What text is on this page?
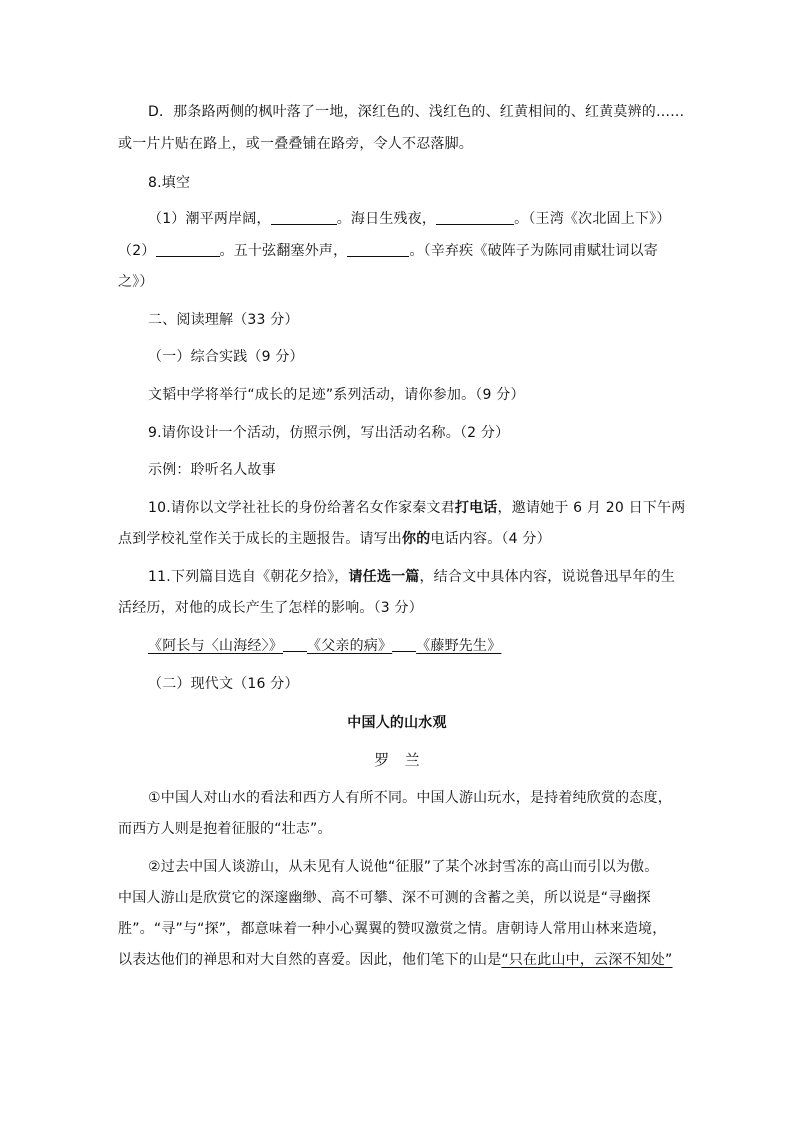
D．那条路两侧的枫叶落了一地，深红色的、浅红色的、红黄相间的、红黄莫辨的……
或一片片贴在路上，或一叠叠铺在路旁，令人不忍落脚。
8.填空
（1）潮平两岸阔，	。海日生残夜，	。（王湾《次北固上下》）
（2）	。五十弦翻塞外声，	。（辛弃疾《破阵子为陈同甫赋壮词以寄
之》）
二、阅读理解（33 分）
（一）综合实践（9 分）
文韬中学将举行“成长的足迹”系列活动，请你参加。（9 分）
9.请你设计一个活动，仿照示例，写出活动名称。（2 分）
示例：聆听名人故事
10.请你以文学社社长的身份给著名女作家秦文君打电话，邀请她于 6 月 20 日下午两
点到学校礼堂作关于成长的主题报告。请写出你的电话内容。（4 分）
11.下列篇目选自《朝花夕拾》，请任选一篇，结合文中具体内容，说说鲁迅早年的生
活经历，对他的成长产生了怎样的影响。（3 分）
《阿长与〈山海经〉》 《父亲的病》 《藤野先生》
（二）现代文（16 分）
中国人的山水观
罗　兰
①中国人对山水的看法和西方人有所不同。中国人游山玩水，是持着纯欣赏的态度，
而西方人则是抱着征服的“壮志”。
②过去中国人谈游山，从未见有人说他“征服”了某个冰封雪冻的高山而引以为傲。
中国人游山是欣赏它的深邃幽缈、高不可攀、深不可测的含蓄之美，所以说是“寻幽探
胜”。“寻”与“探”，都意味着一种小心翼翼的赞叹激赏之情。唐朝诗人常用山林来造境，
以表达他们的禅思和对大自然的喜爱。因此，他们笔下的山是“只在此山中，云深不知处”
